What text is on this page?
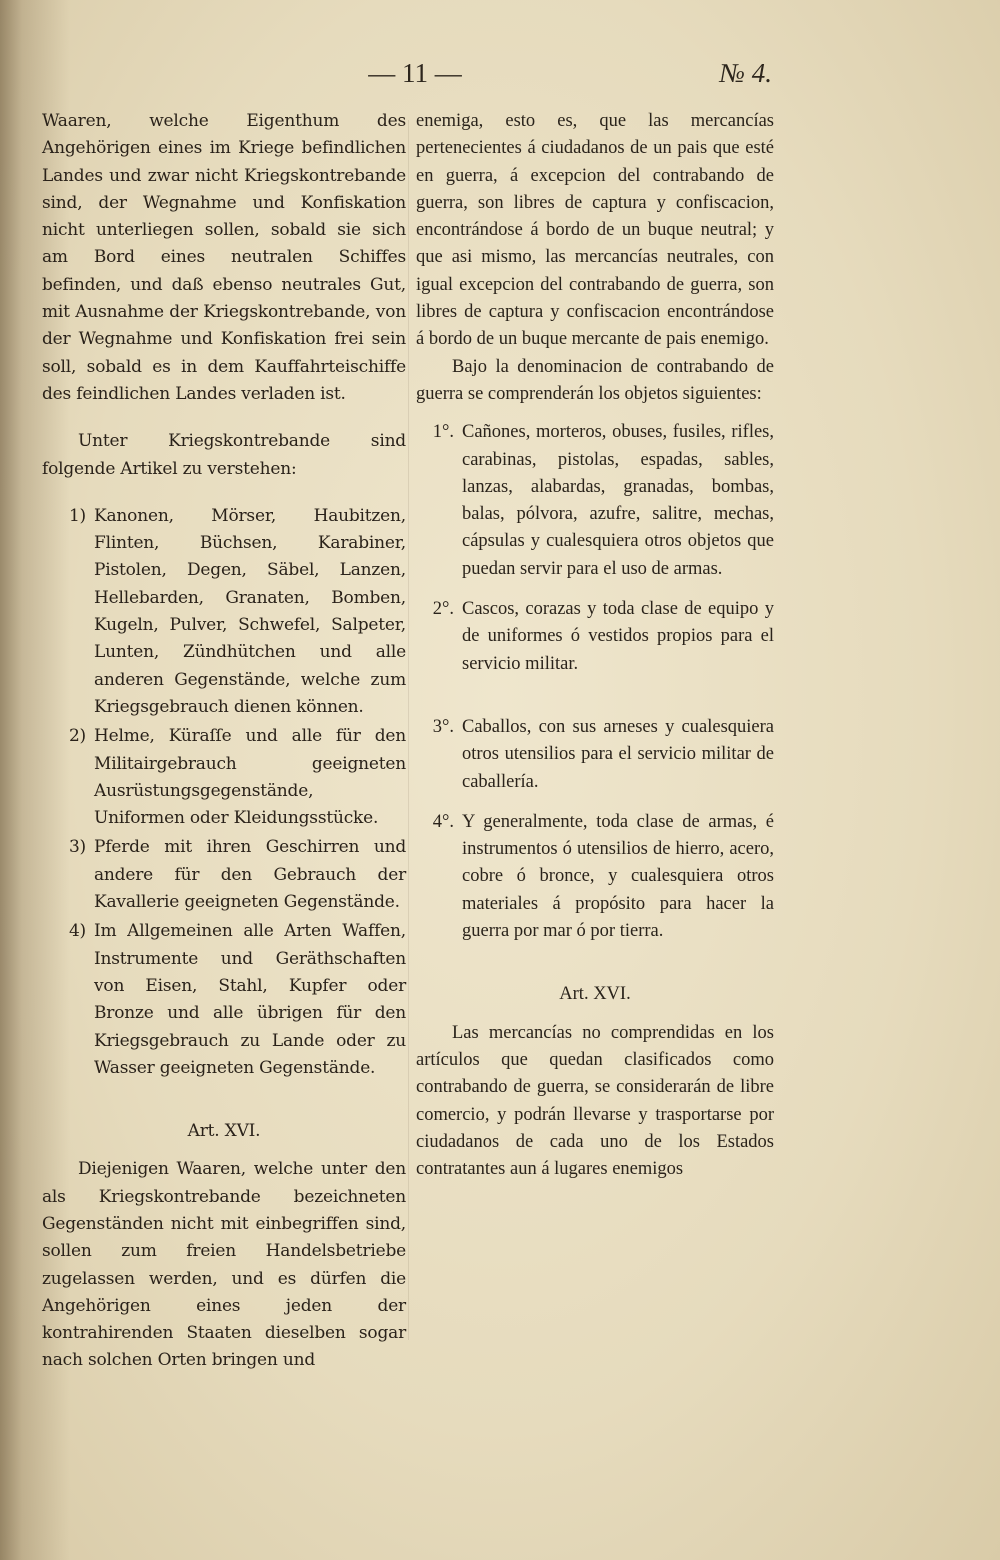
— 11 —	№ 4.

Waaren, welche Eigenthum des Angehörigen eines im Kriege befindlichen Landes und zwar nicht Kriegskontrebande sind, der Wegnahme und Konfiskation nicht unterliegen sollen, sobald sie sich am Bord eines neutralen Schiffes befinden, und daß ebenso neutrales Gut, mit Ausnahme der Kriegskontrebande, von der Wegnahme und Konfiskation frei sein soll, sobald es in dem Kauffahrteischiffe des feindlichen Landes verladen ist.

Unter Kriegskontrebande sind folgende Artikel zu verstehen:

1) Kanonen, Mörser, Haubitzen, Flinten, Büchsen, Karabiner, Pistolen, Degen, Säbel, Lanzen, Hellebarden, Granaten, Bomben, Kugeln, Pulver, Schwefel, Salpeter, Lunten, Zündhütchen und alle anderen Gegenstände, welche zum Kriegsgebrauch dienen können.
2) Helme, Küraſſe und alle für den Militairgebrauch geeigneten Ausrüstungsgegenstände, Uniformen oder Kleidungsstücke.
3) Pferde mit ihren Geschirren und andere für den Gebrauch der Kavallerie geeigneten Gegenstände.
4) Im Allgemeinen alle Arten Waffen, Instrumente und Geräthschaften von Eisen, Stahl, Kupfer oder Bronze und alle übrigen für den Kriegsgebrauch zu Lande oder zu Wasser geeigneten Gegenstände.

Art. XVI.

Diejenigen Waaren, welche unter den als Kriegskontrebande bezeichneten Gegenständen nicht mit einbegriffen sind, sollen zum freien Handelsbetriebe zugelassen werden, und es dürfen die Angehörigen eines jeden der kontrahirenden Staaten dieselben sogar nach solchen Orten bringen und

enemiga, esto es, que las mercancías pertenecientes á ciudadanos de un pais que esté en guerra, á excepcion del contrabando de guerra, son libres de captura y confiscacion, encontrándose á bordo de un buque neutral; y que asi mismo, las mercancías neutrales, con igual excepcion del contrabando de guerra, son libres de captura y confiscacion encontrándose á bordo de un buque mercante de pais enemigo.

Bajo la denominacion de contrabando de guerra se comprenderán los objetos siguientes:

1°. Cañones, morteros, obuses, fusiles, rifles, carabinas, pistolas, espadas, sables, lanzas, alabardas, granadas, bombas, balas, pólvora, azufre, salitre, mechas, cápsulas y cualesquiera otros objetos que puedan servir para el uso de armas.
2°. Cascos, corazas y toda clase de equipo y de uniformes ó vestidos propios para el servicio militar.
3°. Caballos, con sus arneses y cualesquiera otros utensilios para el servicio militar de caballería.
4°. Y generalmente, toda clase de armas, é instrumentos ó utensilios de hierro, acero, cobre ó bronce, y cualesquiera otros materiales á propósito para hacer la guerra por mar ó por tierra.

Art. XVI.

Las mercancías no comprendidas en los artículos que quedan clasificados como contrabando de guerra, se considerarán de libre comercio, y podrán llevarse y trasportarse por ciudadanos de cada uno de los Estados contratantes aun á lugares enemigos
